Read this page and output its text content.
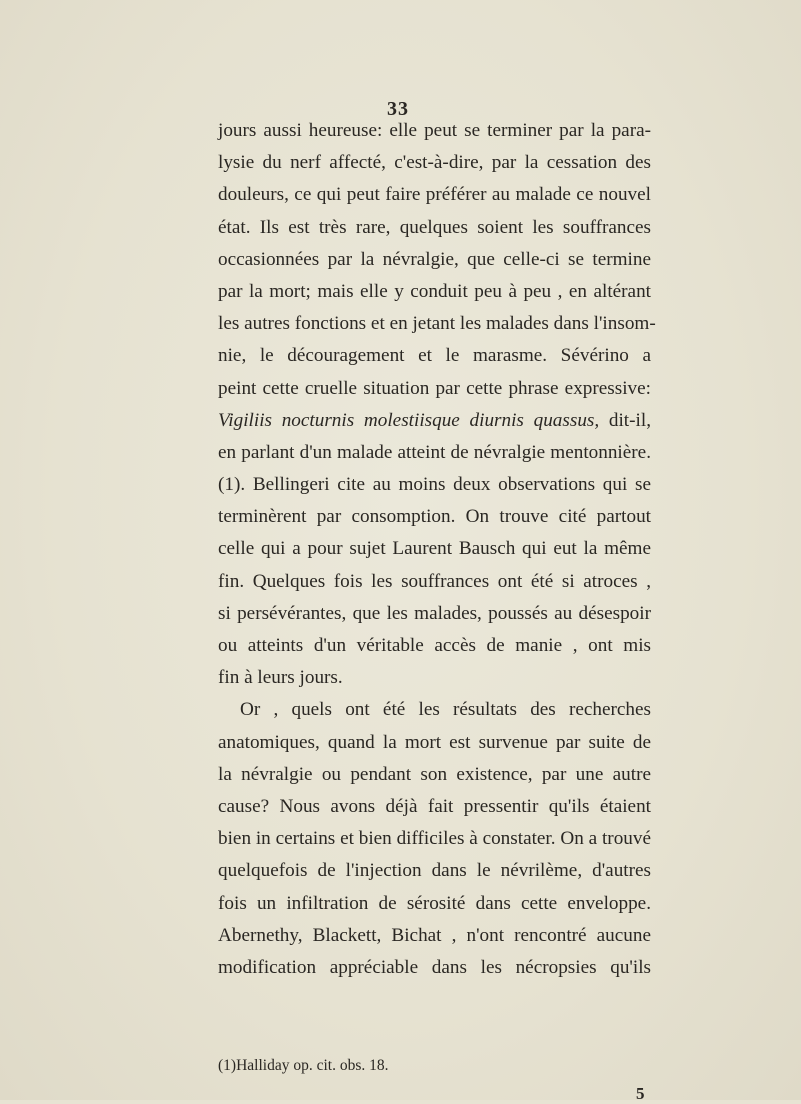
33
jours aussi heureuse: elle peut se terminer par la para-
lysie du nerf affecté, c'est-à-dire, par la cessation des
douleurs, ce qui peut faire préférer au malade ce nouvel
état. Ils est très rare, quelques soient les souffrances
occasionnées par la névralgie, que celle-ci se termine
par la mort; mais elle y conduit peu à peu , en altérant
les autres fonctions et en jetant les malades dans l'insom-
nie, le découragement et le marasme. Sévérino a
peint cette cruelle situation par cette phrase expressive:
Vigiliis nocturnis molestiisque diurnis quassus, dit-il,
en parlant d'un malade atteint de névralgie mentonnière.
(1). Bellingeri cite au moins deux observations qui se
terminèrent par consomption. On trouve cité partout
celle qui a pour sujet Laurent Bausch qui eut la même
fin. Quelques fois les souffrances ont été si atroces ,
si persévérantes, que les malades, poussés au désespoir
ou atteints d'un véritable accès de manie , ont mis
fin à leurs jours.
Or , quels ont été les résultats des recherches
anatomiques, quand la mort est survenue par suite de
la névralgie ou pendant son existence, par une autre
cause? Nous avons déjà fait pressentir qu'ils étaient
bien in certains et bien difficiles à constater. On a trouvé
quelquefois de l'injection dans le névrilème, d'autres
fois un infiltration de sérosité dans cette enveloppe.
Abernethy, Blackett, Bichat , n'ont rencontré aucune
modification appréciable dans les nécropsies qu'ils
(1)Halliday op. cit. obs. 18.
5
